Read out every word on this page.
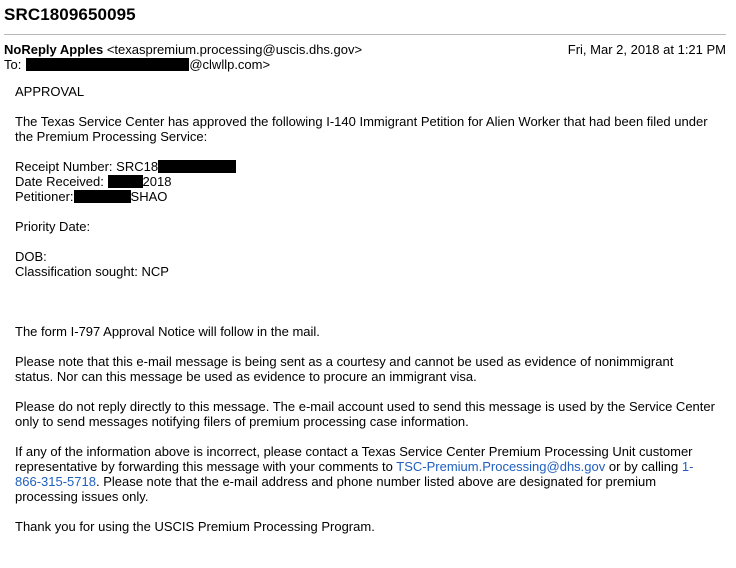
SRC1809650095
NoReply Apples <texaspremium.processing@uscis.dhs.gov>	Fri, Mar 2, 2018 at 1:21 PM
To:	@clwllp.com>

APPROVAL

The Texas Service Center has approved the following I-140 Immigrant Petition for Alien Worker that had been filed under the Premium Processing Service:

Receipt Number: SRC18

Date Received:	2018

Petitioner:	SHAO

Priority Date:

DOB:

Classification sought: NCP

The form I-797 Approval Notice will follow in the mail.

Please note that this e-mail message is being sent as a courtesy and cannot be used as evidence of nonimmigrant status. Nor can this message be used as evidence to procure an immigrant visa.

Please do not reply directly to this message. The e-mail account used to send this message is used by the Service Center only to send messages notifying filers of premium processing case information.

If any of the information above is incorrect, please contact a Texas Service Center Premium Processing Unit customer representative by forwarding this message with your comments to TSC-Premium.Processing@dhs.gov or by calling 1-866-315-5718. Please note that the e-mail address and phone number listed above are designated for premium processing issues only.

Thank you for using the USCIS Premium Processing Program.
